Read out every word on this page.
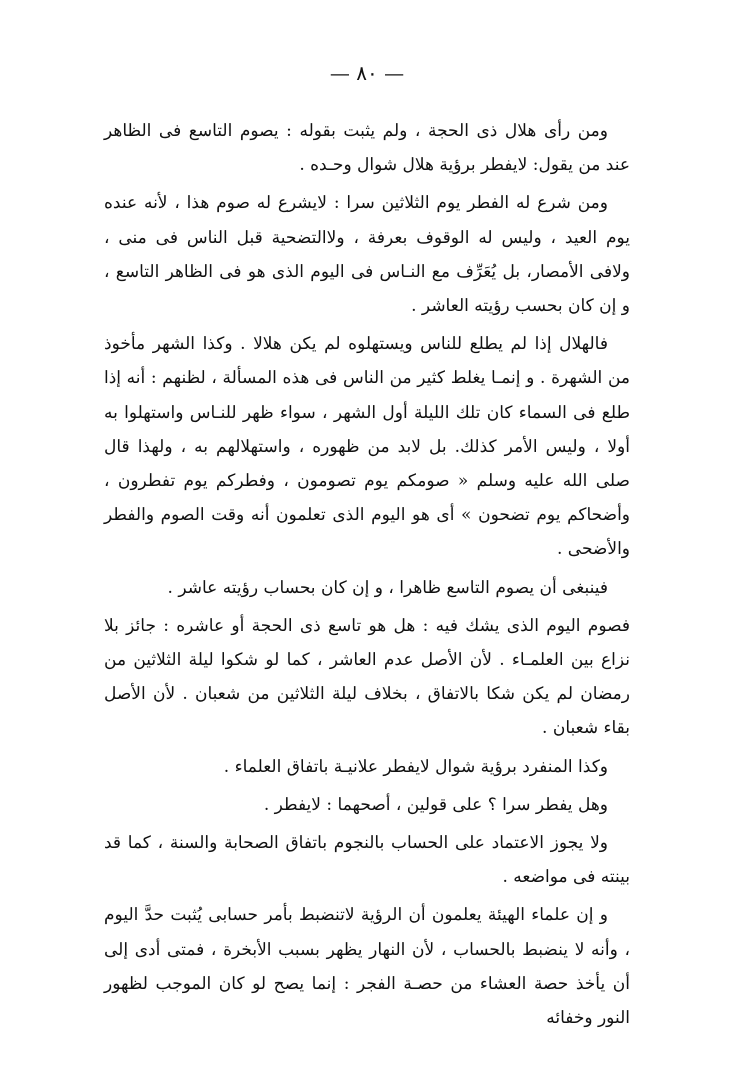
— ٨٠ —

ومن رأى هلال ذى الحجة ، ولم يثبت بقوله : يصوم التاسع فى الظاهر عند من يقول: لايفطر برؤية هلال شوال وحـده .

ومن شرع له الفطر يوم الثلاثين سرا : لايشرع له صوم هذا ، لأنه عنده يوم العيد ، وليس له الوقوف بعرفة ، ولاالتضحية قبل الناس فى منى ، ولافى الأمصار، بل يُعَرِّف مع النـاس فى اليوم الذى هو فى الظاهر التاسع ، و إن كان بحسب رؤيته العاشر .

فالهلال إذا لم يطلع للناس ويستهلوه لم يكن هلالا . وكذا الشهر مأخوذ من الشهرة . و إنمـا يغلط كثير من الناس فى هذه المسألة ، لظنهم : أنه إذا طلع فى السماء كان تلك الليلة أول الشهر ، سواء ظهر للنـاس واستهلوا به أولا ، وليس الأمر كذلك. بل لابد من ظهوره ، واستهلالهم به ، ولهذا قال صلى الله عليه وسلم « صومكم يوم تصومون ، وفطركم يوم تفطرون ، وأضحاكم يوم تضحون » أى هو اليوم الذى تعلمون أنه وقت الصوم والفطر والأضحى .

فينبغى أن يصوم التاسع ظاهرا ، و إن كان بحساب رؤيته عاشر .

فصوم اليوم الذى يشك فيه : هل هو تاسع ذى الحجة أو عاشره : جائز بلا نزاع بين العلمـاء . لأن الأصل عدم العاشر ، كما لو شكوا ليلة الثلاثين من رمضان لم يكن شكا بالاتفاق ، بخلاف ليلة الثلاثين من شعبان . لأن الأصل بقاء شعبان .

وكذا المنفرد برؤية شوال لايفطر علانيـة باتفاق العلماء .

وهل يفطر سرا ؟ على قولين ، أصحهما : لايفطر .

ولا يجوز الاعتماد على الحساب بالنجوم باتفاق الصحابة والسنة ، كما قد بينته فى مواضعه .

و إن علماء الهيئة يعلمون أن الرؤية لاتنضبط بأمر حسابى يُثبت حدَّ اليوم ، وأنه لا ينضبط بالحساب ، لأن النهار يظهر بسبب الأبخرة ، فمتى أدى إلى أن يأخذ حصة العشاء من حصـة الفجر : إنما يصح لو كان الموجب لظهور النور وخفائه
